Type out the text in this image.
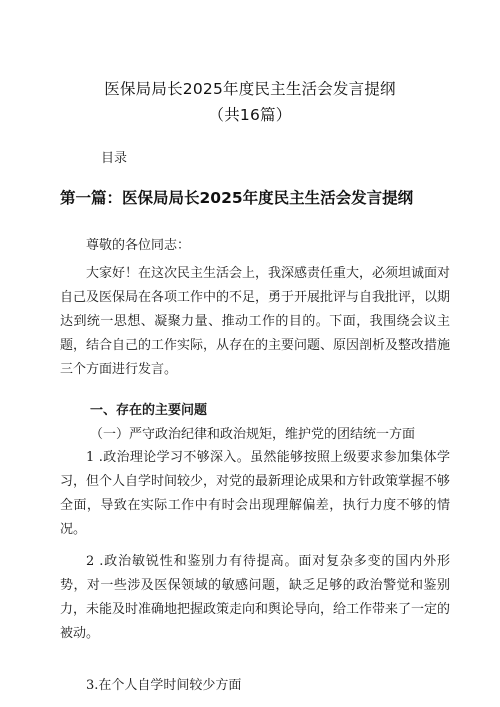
医保局局长2025年度民主生活会发言提纲
（共16篇）
目录
第一篇：医保局局长2025年度民主生活会发言提纲

尊敬的各位同志：

大家好！在这次民主生活会上，我深感责任重大，必须坦诚面对自己及医保局在各项工作中的不足，勇于开展批评与自我批评，以期达到统一思想、凝聚力量、推动工作的目的。下面，我围绕会议主题，结合自己的工作实际，从存在的主要问题、原因剖析及整改措施三个方面进行发言。

一、存在的主要问题
（一）严守政治纪律和政治规矩，维护党的团结统一方面

1 .政治理论学习不够深入。虽然能够按照上级要求参加集体学习，但个人自学时间较少，对党的最新理论成果和方针政策掌握不够全面，导致在实际工作中有时会出现理解偏差，执行力度不够的情况。

2 .政治敏锐性和鉴别力有待提高。面对复杂多变的国内外形势，对一些涉及医保领域的敏感问题，缺乏足够的政治警觉和鉴别力，未能及时准确地把握政策走向和舆论导向，给工作带来了一定的被动。

3.在个人自学时间较少方面
